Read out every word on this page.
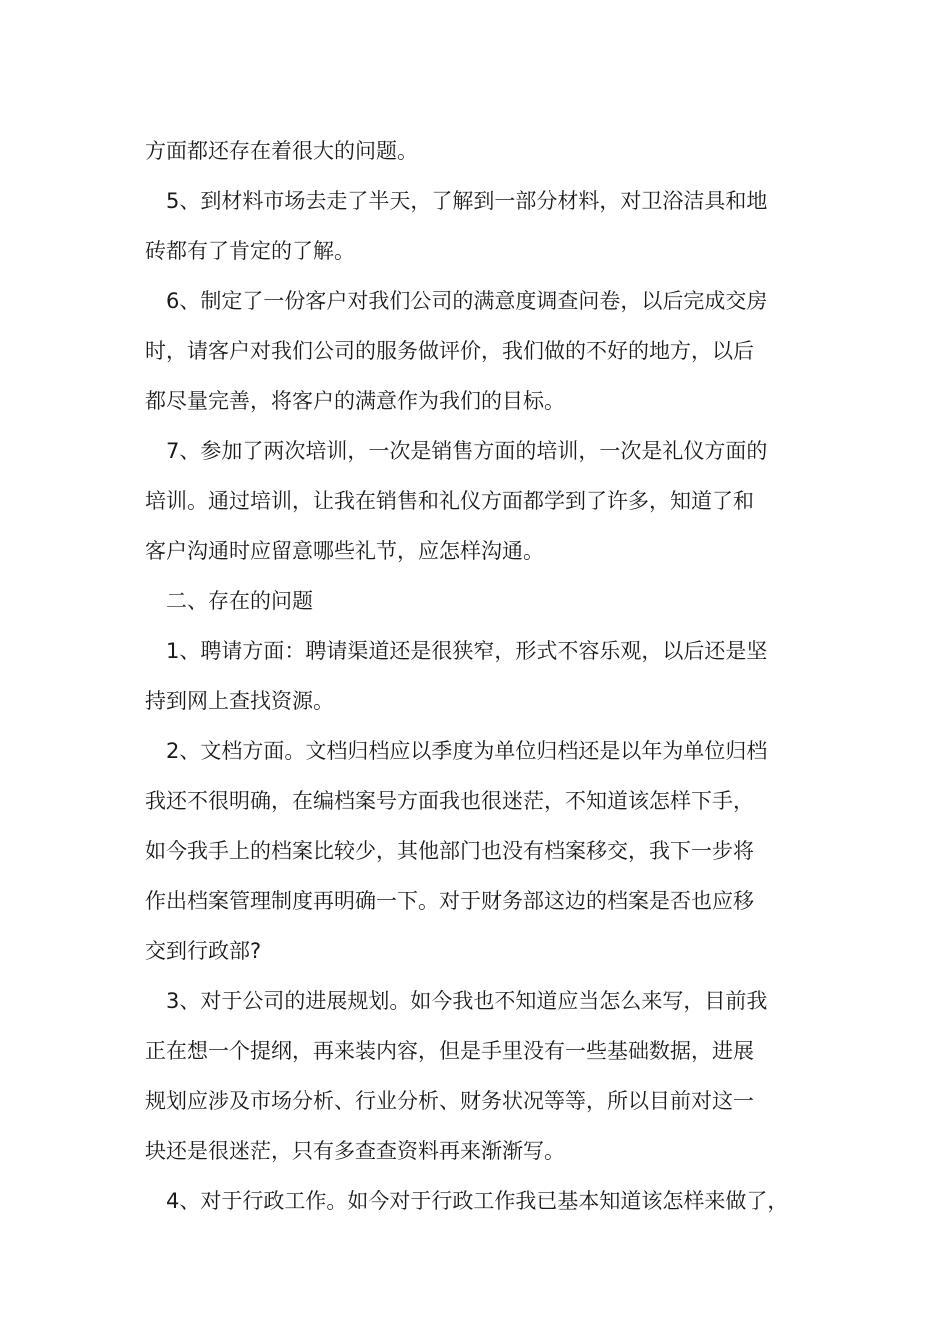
方面都还存在着很大的问题。
5、到材料市场去走了半天，了解到一部分材料，对卫浴洁具和地
砖都有了肯定的了解。
6、制定了一份客户对我们公司的满意度调查问卷，以后完成交房
时，请客户对我们公司的服务做评价，我们做的不好的地方，以后
都尽量完善，将客户的满意作为我们的目标。
7、参加了两次培训，一次是销售方面的培训，一次是礼仪方面的
培训。通过培训，让我在销售和礼仪方面都学到了许多，知道了和
客户沟通时应留意哪些礼节，应怎样沟通。
二、存在的问题
1、聘请方面：聘请渠道还是很狭窄，形式不容乐观，以后还是坚
持到网上查找资源。
2、文档方面。文档归档应以季度为单位归档还是以年为单位归档
我还不很明确，在编档案号方面我也很迷茫，不知道该怎样下手，
如今我手上的档案比较少，其他部门也没有档案移交，我下一步将
作出档案管理制度再明确一下。对于财务部这边的档案是否也应移
交到行政部?
3、对于公司的进展规划。如今我也不知道应当怎么来写，目前我
正在想一个提纲，再来装内容，但是手里没有一些基础数据，进展
规划应涉及市场分析、行业分析、财务状况等等，所以目前对这一
块还是很迷茫，只有多查查资料再来渐渐写。
4、对于行政工作。如今对于行政工作我已基本知道该怎样来做了，
